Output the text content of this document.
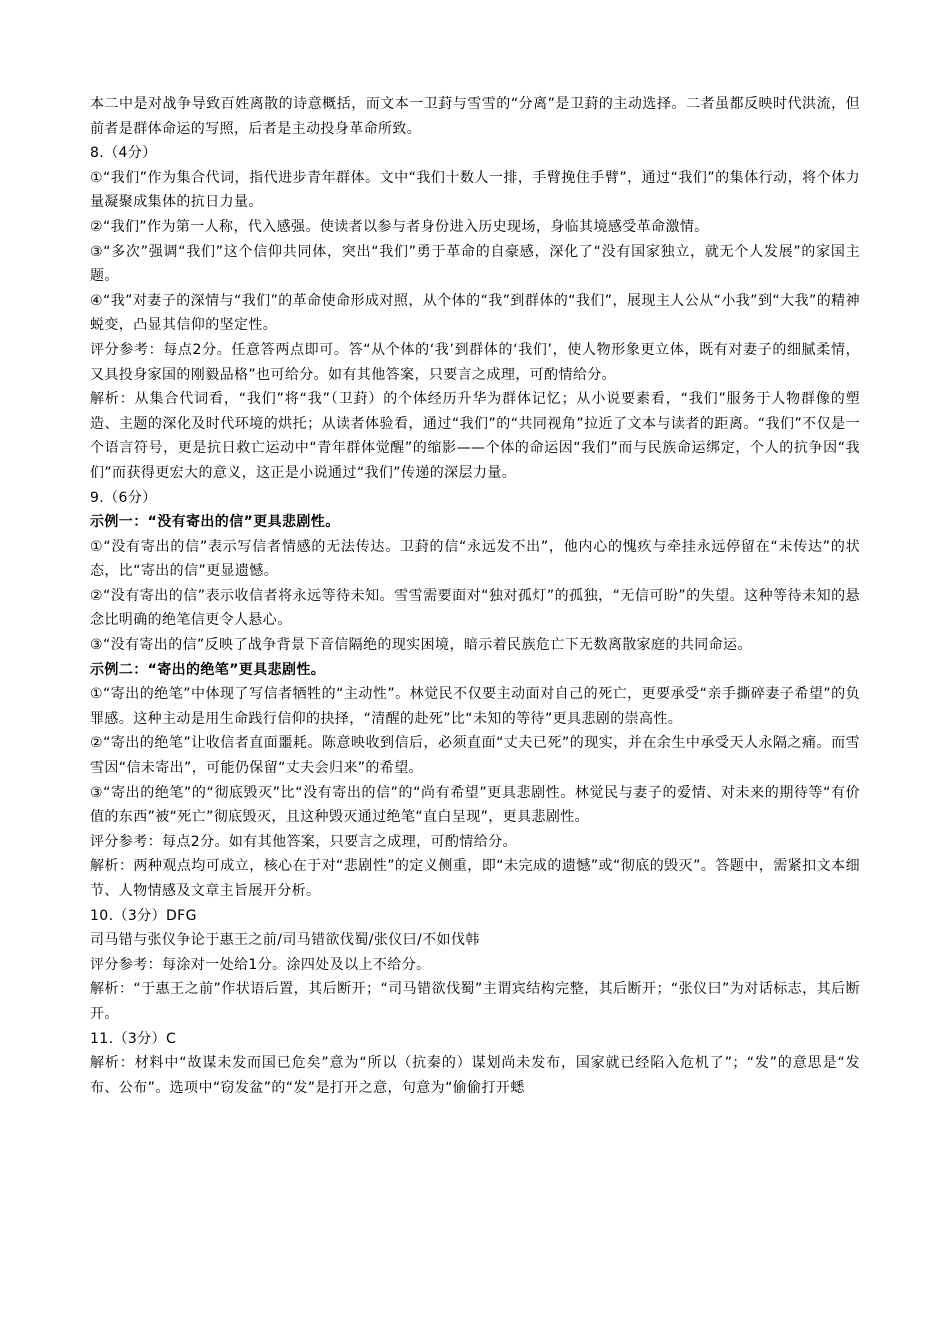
本二中是对战争导致百姓离散的诗意概括，而文本一卫葑与雪雪的“分离”是卫葑的主动选择。二者虽都反映时代洪流，但前者是群体命运的写照，后者是主动投身革命所致。

8.（4分）

①“我们”作为集合代词，指代进步青年群体。文中“我们十数人一排，手臂挽住手臂”，通过“我们”的集体行动，将个体力量凝聚成集体的抗日力量。

②“我们”作为第一人称，代入感强。使读者以参与者身份进入历史现场，身临其境感受革命激情。

③“多次”强调“我们”这个信仰共同体，突出“我们”勇于革命的自豪感，深化了“没有国家独立，就无个人发展”的家国主题。

④“我”对妻子的深情与“我们”的革命使命形成对照，从个体的“我”到群体的“我们”，展现主人公从“小我”到“大我”的精神蜕变，凸显其信仰的坚定性。

评分参考：每点2分。任意答两点即可。答“从个体的‘我’到群体的‘我们’，使人物形象更立体，既有对妻子的细腻柔情，又具投身家国的刚毅品格”也可给分。如有其他答案，只要言之成理，可酌情给分。

解析：从集合代词看，“我们”将“我”（卫葑）的个体经历升华为群体记忆；从小说要素看，“我们”服务于人物群像的塑造、主题的深化及时代环境的烘托；从读者体验看，通过“我们”的“共同视角”拉近了文本与读者的距离。“我们”不仅是一个语言符号，更是抗日救亡运动中“青年群体觉醒”的缩影——个体的命运因“我们”而与民族命运绑定，个人的抗争因“我们”而获得更宏大的意义，这正是小说通过“我们”传递的深层力量。

9.（6分）

示例一：“没有寄出的信”更具悲剧性。

①“没有寄出的信”表示写信者情感的无法传达。卫葑的信“永远发不出”，他内心的愧疚与牵挂永远停留在“未传达”的状态，比“寄出的信”更显遗憾。

②“没有寄出的信”表示收信者将永远等待未知。雪雪需要面对“独对孤灯”的孤独，“无信可盼”的失望。这种等待未知的悬念比明确的绝笔信更令人悬心。

③“没有寄出的信”反映了战争背景下音信隔绝的现实困境，暗示着民族危亡下无数离散家庭的共同命运。

示例二：“寄出的绝笔”更具悲剧性。

①“寄出的绝笔”中体现了写信者牺牲的“主动性”。林觉民不仅要主动面对自己的死亡，更要承受“亲手撕碎妻子希望”的负罪感。这种主动是用生命践行信仰的抉择，“清醒的赴死”比“未知的等待”更具悲剧的崇高性。

②“寄出的绝笔”让收信者直面噩耗。陈意映收到信后，必须直面“丈夫已死”的现实，并在余生中承受天人永隔之痛。而雪雪因“信未寄出”，可能仍保留“丈夫会归来”的希望。

③“寄出的绝笔”的“彻底毁灭”比“没有寄出的信”的“尚有希望”更具悲剧性。林觉民与妻子的爱情、对未来的期待等“有价值的东西”被“死亡”彻底毁灭，且这种毁灭通过绝笔“直白呈现”，更具悲剧性。

评分参考：每点2分。如有其他答案，只要言之成理，可酌情给分。

解析：两种观点均可成立，核心在于对“悲剧性”的定义侧重，即“未完成的遗憾”或“彻底的毁灭”。答题中，需紧扣文本细节、人物情感及文章主旨展开分析。

10.（3分）DFG

司马错与张仪争论于惠王之前/司马错欲伐蜀/张仪曰/不如伐韩

评分参考：每涂对一处给1分。涂四处及以上不给分。

解析：“于惠王之前”作状语后置，其后断开；“司马错欲伐蜀”主谓宾结构完整，其后断开；“张仪曰”为对话标志，其后断开。

11.（3分）C

解析：材料中“故谋未发而国已危矣”意为“所以（抗秦的）谋划尚未发布，国家就已经陷入危机了”；“发”的意思是“发布、公布”。选项中“窃发盆”的“发”是打开之意，句意为“偷偷打开蟋
